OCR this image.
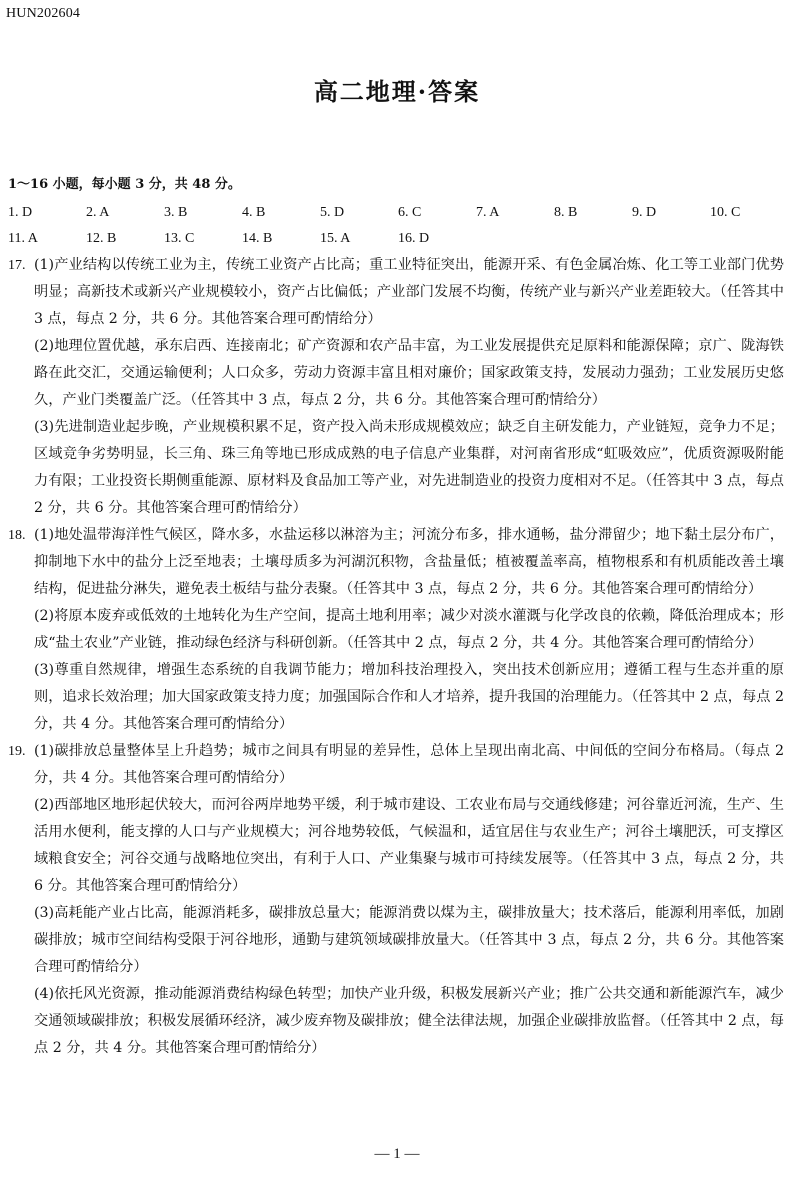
HUN202604
高二地理·答案
1～16 小题，每小题 3 分，共 48 分。
1. D	2. A	3. B	4. B	5. D	6. C	7. A	8. B	9. D	10. C
11. A	12. B	13. C	14. B	15. A	16. D
17. (1)产业结构以传统工业为主，传统工业资产占比高；重工业特征突出，能源开采、有色金属冶炼、化工等工业部门优势明显；高新技术或新兴产业规模较小，资产占比偏低；产业部门发展不均衡，传统产业与新兴产业差距较大。（任答其中 3 点，每点 2 分，共 6 分。其他答案合理可酌情给分）

(2)地理位置优越，承东启西、连接南北；矿产资源和农产品丰富，为工业发展提供充足原料和能源保障；京广、陇海铁路在此交汇，交通运输便利；人口众多，劳动力资源丰富且相对廉价；国家政策支持，发展动力强劲；工业发展历史悠久，产业门类覆盖广泛。（任答其中 3 点，每点 2 分，共 6 分。其他答案合理可酌情给分）

(3)先进制造业起步晚，产业规模积累不足，资产投入尚未形成规模效应；缺乏自主研发能力，产业链短，竞争力不足；区域竞争劣势明显，长三角、珠三角等地已形成成熟的电子信息产业集群，对河南省形成“虹吸效应”，优质资源吸附能力有限；工业投资长期侧重能源、原材料及食品加工等产业，对先进制造业的投资力度相对不足。（任答其中 3 点，每点 2 分，共 6 分。其他答案合理可酌情给分）

18. (1)地处温带海洋性气候区，降水多，水盐运移以淋溶为主；河流分布多，排水通畅，盐分滞留少；地下黏土层分布广，抑制地下水中的盐分上泛至地表；土壤母质多为河湖沉积物，含盐量低；植被覆盖率高，植物根系和有机质能改善土壤结构，促进盐分淋失，避免表土板结与盐分表聚。（任答其中 3 点，每点 2 分，共 6 分。其他答案合理可酌情给分）

(2)将原本废弃或低效的土地转化为生产空间，提高土地利用率；减少对淡水灌溉与化学改良的依赖，降低治理成本；形成“盐土农业”产业链，推动绿色经济与科研创新。（任答其中 2 点，每点 2 分，共 4 分。其他答案合理可酌情给分）

(3)尊重自然规律，增强生态系统的自我调节能力；增加科技治理投入，突出技术创新应用；遵循工程与生态并重的原则，追求长效治理；加大国家政策支持力度；加强国际合作和人才培养，提升我国的治理能力。（任答其中 2 点，每点 2 分，共 4 分。其他答案合理可酌情给分）

19. (1)碳排放总量整体呈上升趋势；城市之间具有明显的差异性，总体上呈现出南北高、中间低的空间分布格局。（每点 2 分，共 4 分。其他答案合理可酌情给分）

(2)西部地区地形起伏较大，而河谷两岸地势平缓，利于城市建设、工农业布局与交通线修建；河谷靠近河流，生产、生活用水便利，能支撑的人口与产业规模大；河谷地势较低，气候温和，适宜居住与农业生产；河谷土壤肥沃，可支撑区域粮食安全；河谷交通与战略地位突出，有利于人口、产业集聚与城市可持续发展等。（任答其中 3 点，每点 2 分，共 6 分。其他答案合理可酌情给分）

(3)高耗能产业占比高，能源消耗多，碳排放总量大；能源消费以煤为主，碳排放量大；技术落后，能源利用率低，加剧碳排放；城市空间结构受限于河谷地形，通勤与建筑领域碳排放量大。（任答其中 3 点，每点 2 分，共 6 分。其他答案合理可酌情给分）

(4)依托风光资源，推动能源消费结构绿色转型；加快产业升级，积极发展新兴产业；推广公共交通和新能源汽车，减少交通领域碳排放；积极发展循环经济，减少废弃物及碳排放；健全法律法规，加强企业碳排放监督。（任答其中 2 点，每点 2 分，共 4 分。其他答案合理可酌情给分）

— 1 —
